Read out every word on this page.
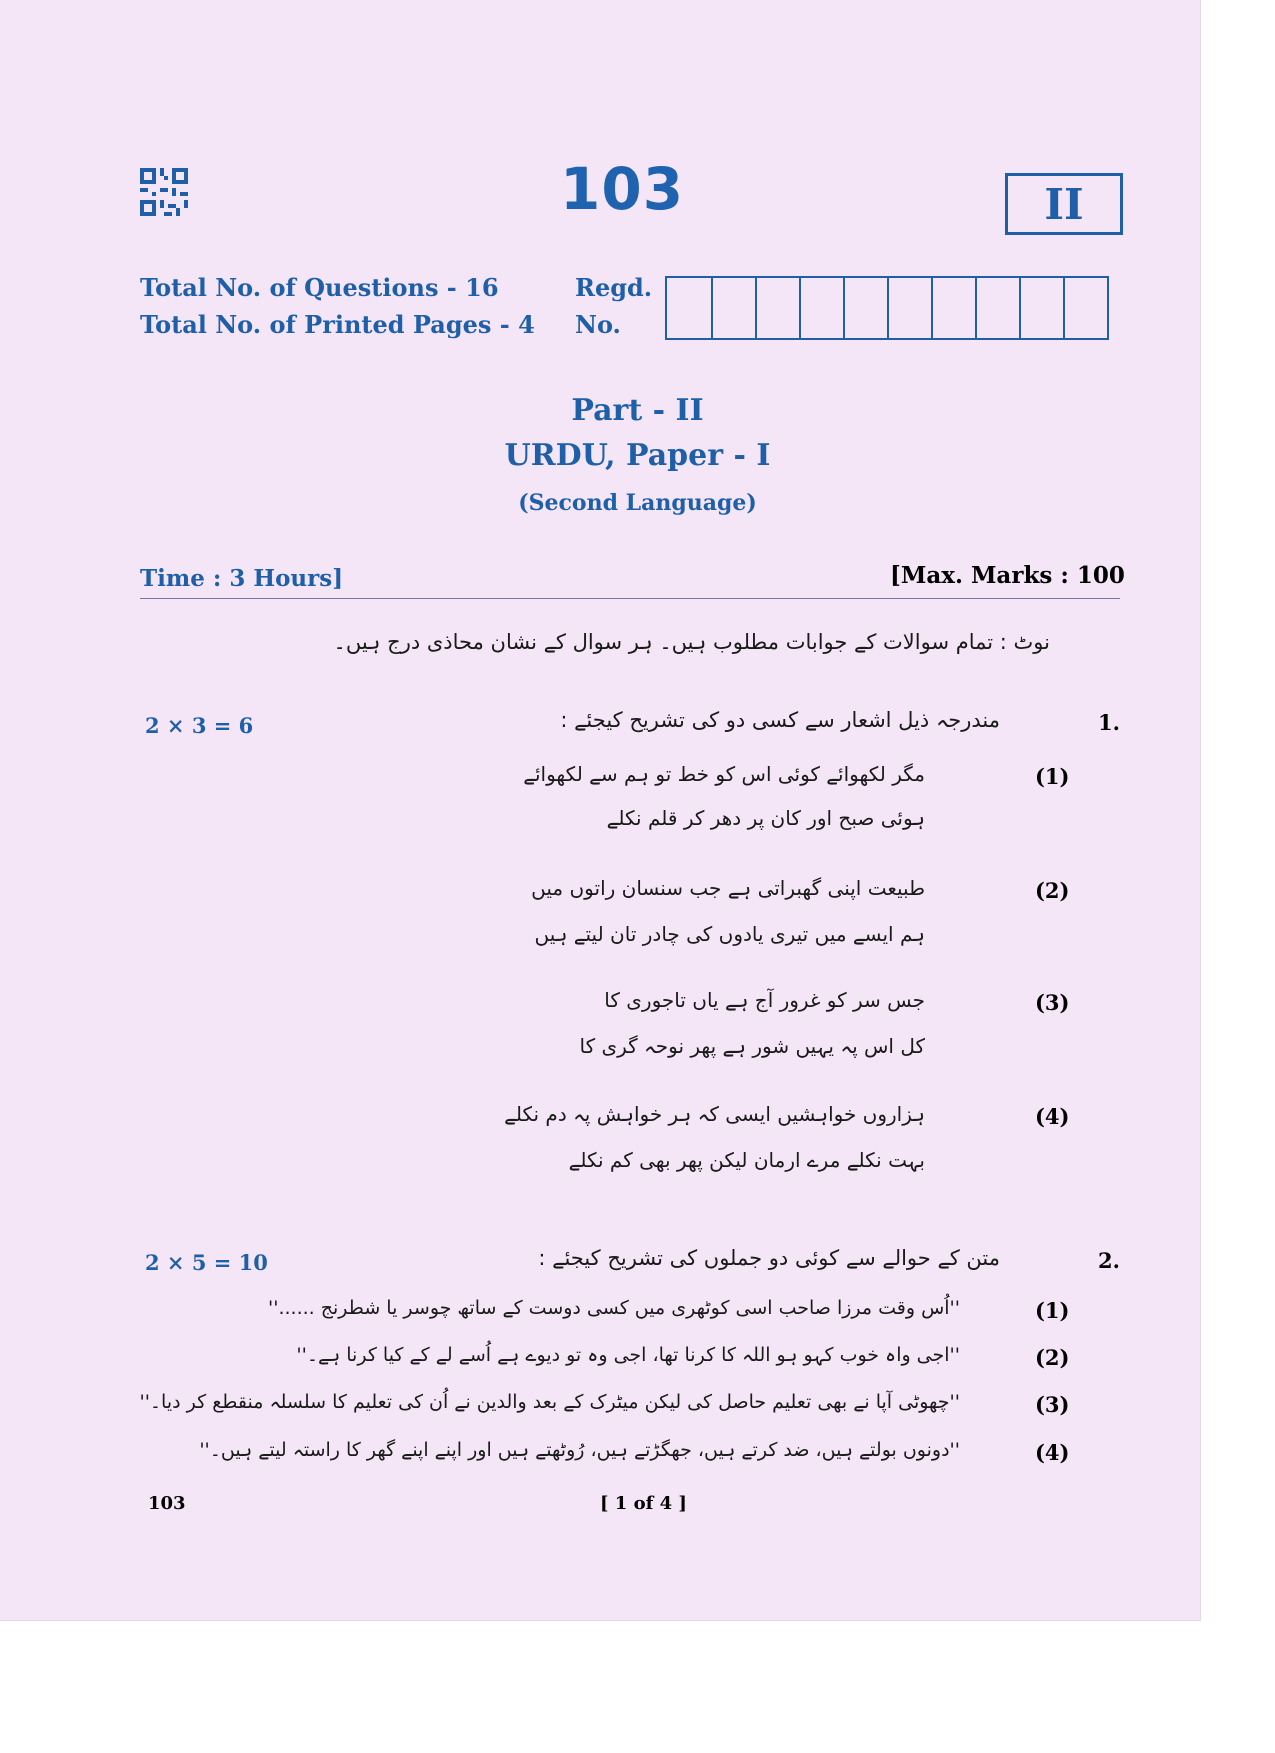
103	II
Total No. of Questions - 16
Total No. of Printed Pages - 4
Regd.
No.
Part - II
URDU, Paper - I
(Second Language)
Time : 3 Hours]	[Max. Marks : 100
نوٹ : تمام سوالات کے جوابات مطلوب ہیں۔ ہر سوال کے نشان محاذی درج ہیں۔
2 × 3 = 6	1.
مندرجہ ذیل اشعار سے کسی دو کی تشریح کیجئے :
(1)
مگر لکھوائے کوئی اس کو خط تو ہم سے لکھوائے
ہوئی صبح اور کان پر دھر کر قلم نکلے
(2)
طبیعت اپنی گھبراتی ہے جب سنسان راتوں میں
ہم ایسے میں تیری یادوں کی چادر تان لیتے ہیں
(3)
جس سر کو غرور آج ہے یاں تاجوری کا
کل اس پہ یہیں شور ہے پھر نوحہ گری کا
(4)
ہزاروں خواہشیں ایسی کہ ہر خواہش پہ دم نکلے
بہت نکلے مرے ارمان لیکن پھر بھی کم نکلے
2 × 5 = 10	2.
متن کے حوالے سے کوئی دو جملوں کی تشریح کیجئے :
(1)
''اُس وقت مرزا صاحب اسی کوٹھری میں کسی دوست کے ساتھ چوسر یا شطرنج ......''
(2)
''اجی واہ خوب کہو ہو اللہ کا کرنا تھا، اجی وہ تو دیوے ہے اُسے لے کے کیا کرنا ہے۔''
(3)
''چھوٹی آپا نے بھی تعلیم حاصل کی لیکن میٹرک کے بعد والدین نے اُن کی تعلیم کا سلسلہ منقطع کر دیا۔''
(4)
''دونوں بولتے ہیں، ضد کرتے ہیں، جھگڑتے ہیں، رُوٹھتے ہیں اور اپنے اپنے گھر کا راستہ لیتے ہیں۔''
103	[ 1 of 4 ]
